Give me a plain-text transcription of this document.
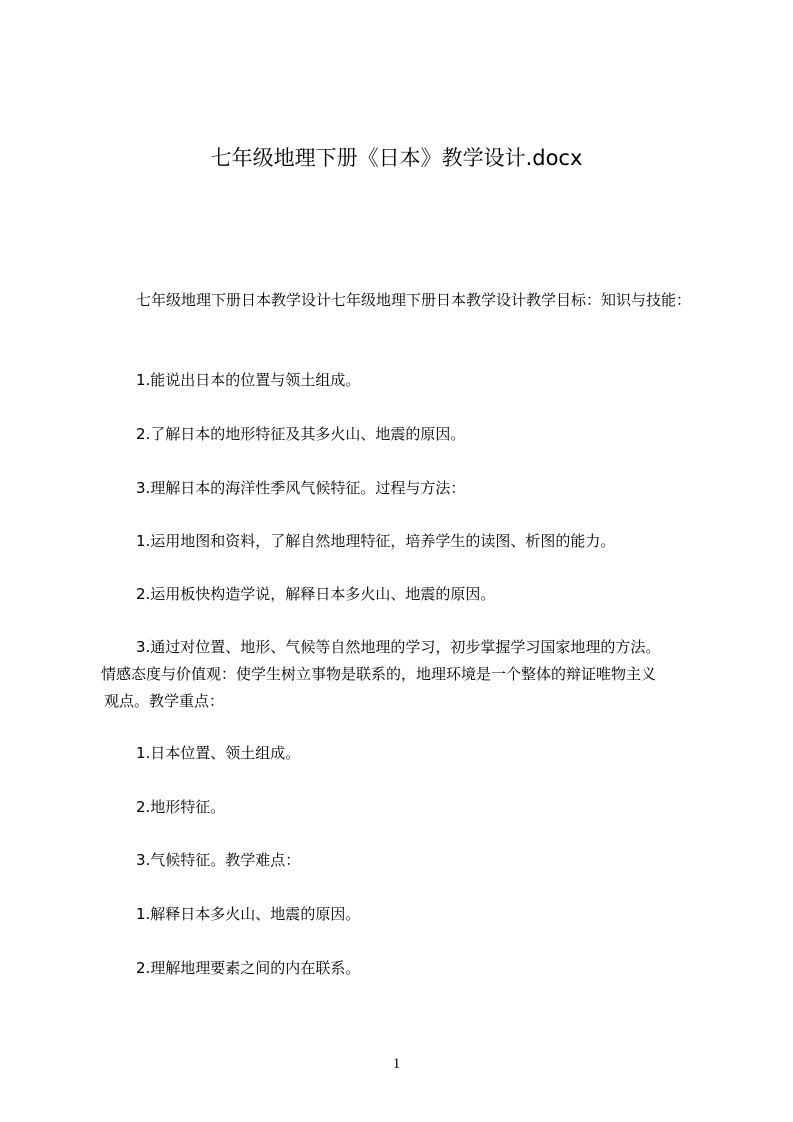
七年级地理下册《日本》教学设计.docx
七年级地理下册日本教学设计七年级地理下册日本教学设计教学目标：知识与技能：
1.能说出日本的位置与领土组成。
2.了解日本的地形特征及其多火山、地震的原因。
3.理解日本的海洋性季风气候特征。过程与方法：
1.运用地图和资料，了解自然地理特征，培养学生的读图、析图的能力。
2.运用板快构造学说，解释日本多火山、地震的原因。
3.通过对位置、地形、气候等自然地理的学习，初步掌握学习国家地理的方法。
情感态度与价值观：使学生树立事物是联系的，地理环境是一个整体的辩证唯物主义
观点。教学重点：
1.日本位置、领土组成。
2.地形特征。
3.气候特征。教学难点：
1.解释日本多火山、地震的原因。
2.理解地理要素之间的内在联系。
1
